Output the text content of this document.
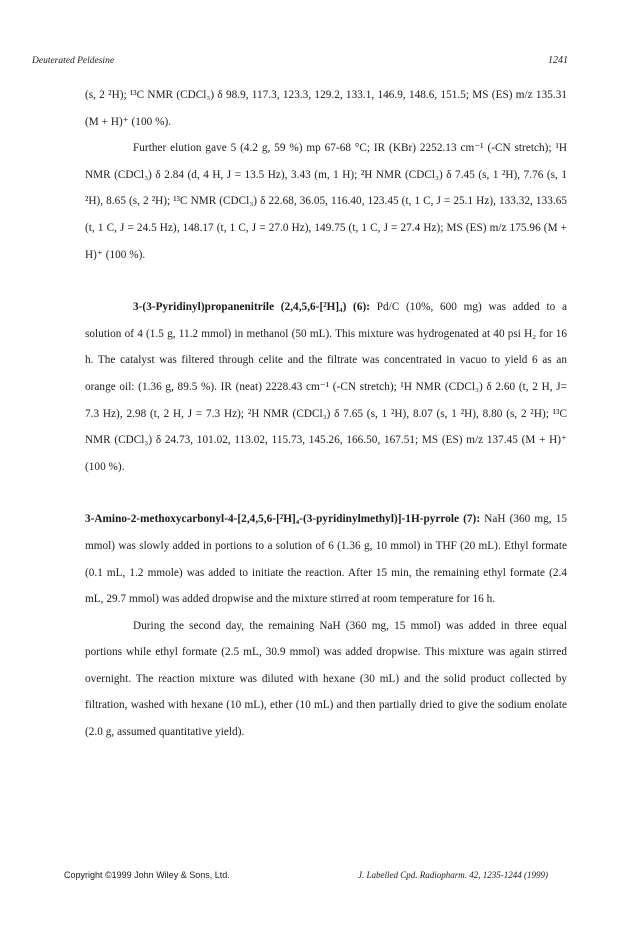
Deuterated Peldesine	1241

(s, 2 ²H); ¹³C NMR (CDCl₃) δ 98.9, 117.3, 123.3, 129.2, 133.1, 146.9, 148.6, 151.5; MS (ES) m/z 135.31 (M + H)⁺ (100 %).

Further elution gave 5 (4.2 g, 59 %) mp 67-68 °C; IR (KBr) 2252.13 cm⁻¹ (-CN stretch); ¹H NMR (CDCl₃) δ 2.84 (d, 4 H, J = 13.5 Hz), 3.43 (m, 1 H); ²H NMR (CDCl₃) δ 7.45 (s, 1 ²H), 7.76 (s, 1 ²H), 8.65 (s, 2 ²H); ¹³C NMR (CDCl₃) δ 22.68, 36.05, 116.40, 123.45 (t, 1 C, J = 25.1 Hz), 133.32, 133.65 (t, 1 C, J = 24.5 Hz), 148.17 (t, 1 C, J = 27.0 Hz), 149.75 (t, 1 C, J = 27.4 Hz); MS (ES) m/z 175.96 (M + H)⁺ (100 %).

3-(3-Pyridinyl)propanenitrile (2,4,5,6-[²H]₄) (6): Pd/C (10%, 600 mg) was added to a solution of 4 (1.5 g, 11.2 mmol) in methanol (50 mL). This mixture was hydrogenated at 40 psi H₂ for 16 h. The catalyst was filtered through celite and the filtrate was concentrated in vacuo to yield 6 as an orange oil: (1.36 g, 89.5 %). IR (neat) 2228.43 cm⁻¹ (-CN stretch); ¹H NMR (CDCl₃) δ 2.60 (t, 2 H, J= 7.3 Hz), 2.98 (t, 2 H, J = 7.3 Hz); ²H NMR (CDCl₃) δ 7.65 (s, 1 ²H), 8.07 (s, 1 ²H), 8.80 (s, 2 ²H); ¹³C NMR (CDCl₃) δ 24.73, 101.02, 113.02, 115.73, 145.26, 166.50, 167.51; MS (ES) m/z 137.45 (M + H)⁺ (100 %).

3-Amino-2-methoxycarbonyl-4-[2,4,5,6-[²H]₄-(3-pyridinylmethyl)]-1H-pyrrole (7): NaH (360 mg, 15 mmol) was slowly added in portions to a solution of 6 (1.36 g, 10 mmol) in THF (20 mL). Ethyl formate (0.1 mL, 1.2 mmole) was added to initiate the reaction. After 15 min, the remaining ethyl formate (2.4 mL, 29.7 mmol) was added dropwise and the mixture stirred at room temperature for 16 h.

During the second day, the remaining NaH (360 mg, 15 mmol) was added in three equal portions while ethyl formate (2.5 mL, 30.9 mmol) was added dropwise. This mixture was again stirred overnight. The reaction mixture was diluted with hexane (30 mL) and the solid product collected by filtration, washed with hexane (10 mL), ether (10 mL) and then partially dried to give the sodium enolate (2.0 g, assumed quantitative yield).

Copyright ©1999 John Wiley & Sons, Ltd.	J. Labelled Cpd. Radiopharm. 42, 1235-1244 (1999)
